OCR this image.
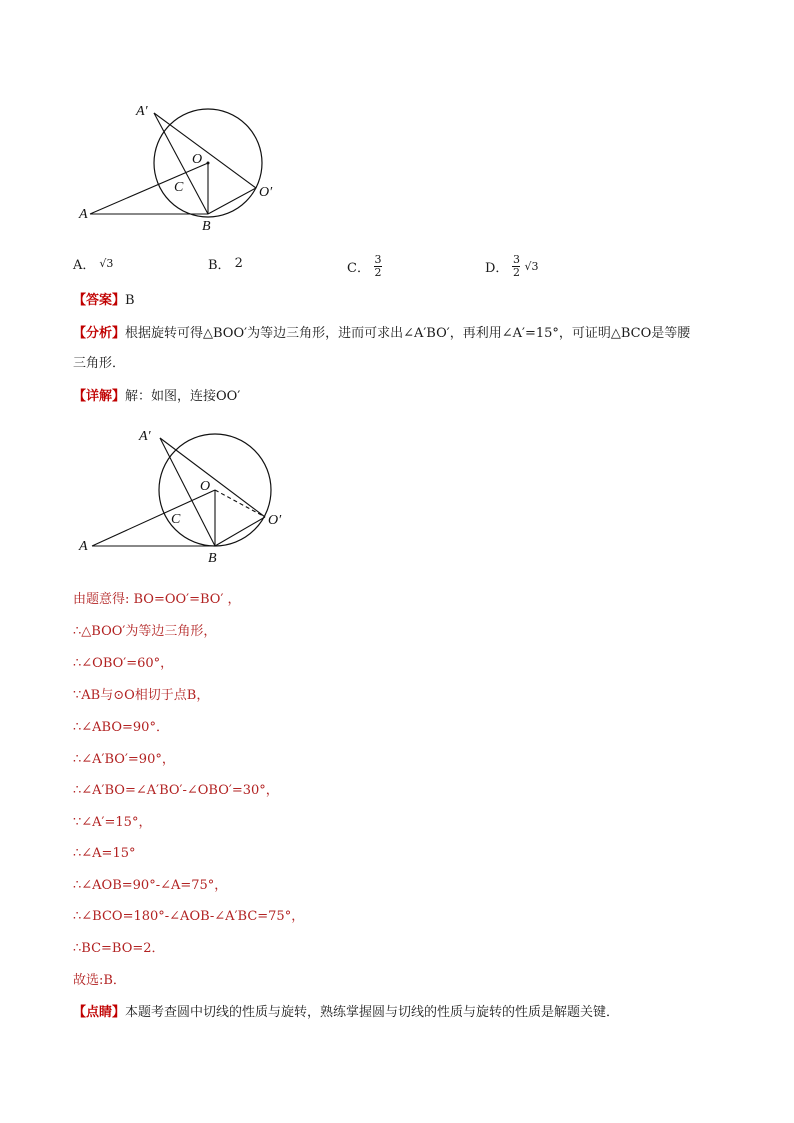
A′
O
C	O′
A
B
A． √3	B． 2	C． $\frac{3}{2}$	D． $\frac{3}{2} √3$
【答案】B
【分析】根据旋转可得△BOO′为等边三角形，进而可求出∠A′BO′，再利用∠A′=15°，可证明△BCO是等腰
三角形．
【详解】解：如图，连接OO′
A′
O
C	O′
A
B
由题意得: BO=OO′=BO′ ，
∴△BOO′为等边三角形，
∴∠OBO′=60°，
∵AB与⊙O相切于点B，
∴∠ABO=90°．
∴∠A′BO′=90°，
∴∠A′BO=∠A′BO′-∠OBO′=30°，
∵∠A′=15°，
∴∠A=15°
∴∠AOB=90°-∠A=75°，
∴∠BCO=180°-∠AOB-∠A′BC=75°，
∴BC=BO=2．
故选:B．
【点睛】本题考查圆中切线的性质与旋转，熟练掌握圆与切线的性质与旋转的性质是解题关键．
